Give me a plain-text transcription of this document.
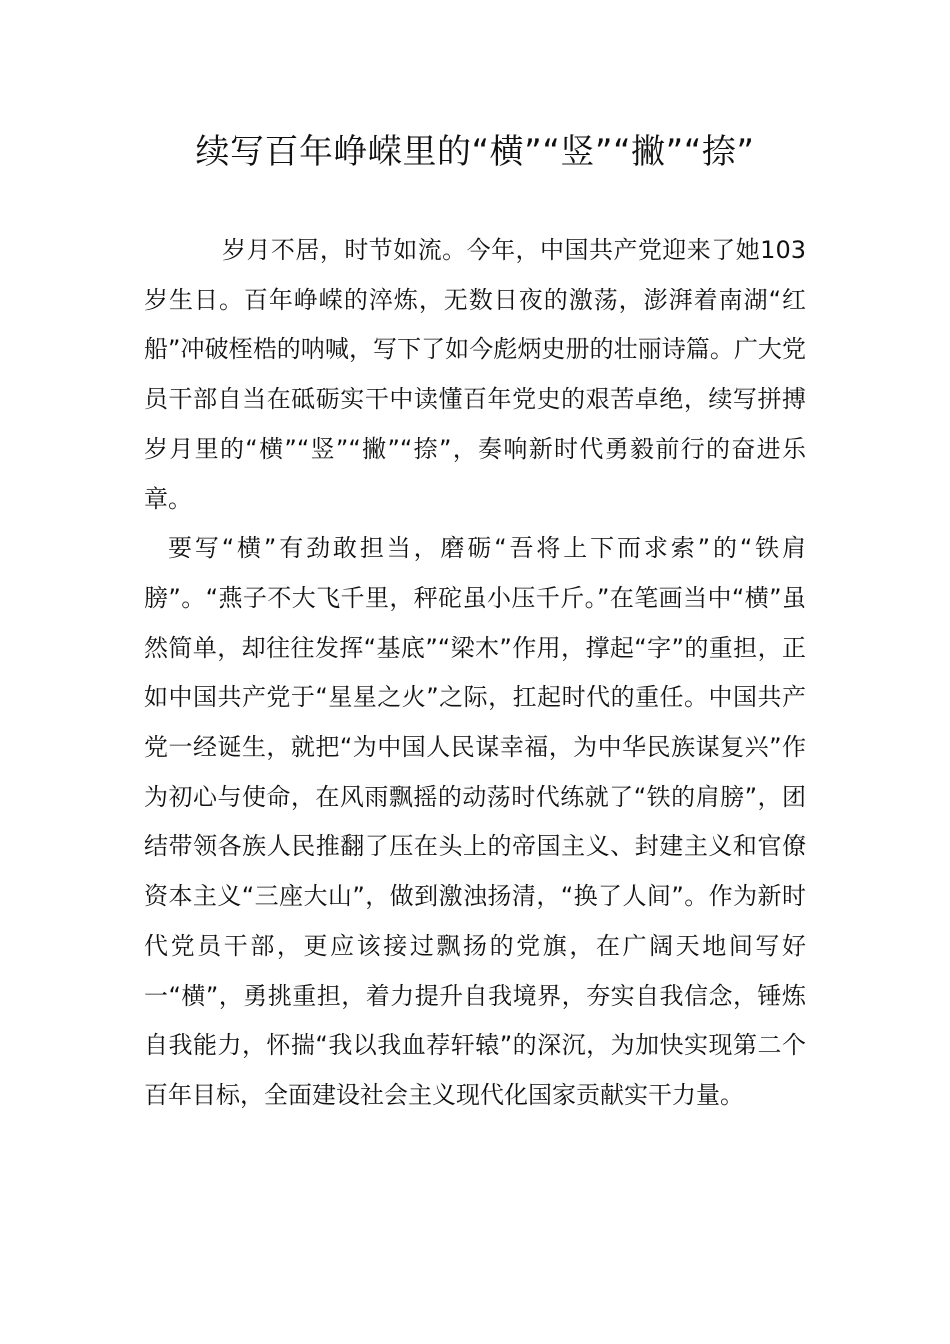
续写百年峥嵘里的“横”“竖”“撇”“捺”

岁月不居，时节如流。今年，中国共产党迎来了她103岁生日。百年峥嵘的淬炼，无数日夜的激荡，澎湃着南湖“红船”冲破桎梏的呐喊，写下了如今彪炳史册的壮丽诗篇。广大党员干部自当在砥砺实干中读懂百年党史的艰苦卓绝，续写拼搏岁月里的“横”“竖”“撇”“捺”，奏响新时代勇毅前行的奋进乐章。

要写“横”有劲敢担当，磨砺“吾将上下而求索”的“铁肩膀”。“燕子不大飞千里，秤砣虽小压千斤。”在笔画当中“横”虽然简单，却往往发挥“基底”“梁木”作用，撑起“字”的重担，正如中国共产党于“星星之火”之际，扛起时代的重任。中国共产党一经诞生，就把“为中国人民谋幸福，为中华民族谋复兴”作为初心与使命，在风雨飘摇的动荡时代练就了“铁的肩膀”，团结带领各族人民推翻了压在头上的帝国主义、封建主义和官僚资本主义“三座大山”，做到激浊扬清，“换了人间”。作为新时代党员干部，更应该接过飘扬的党旗，在广阔天地间写好一“横”，勇挑重担，着力提升自我境界，夯实自我信念，锤炼自我能力，怀揣“我以我血荐轩辕”的深沉，为加快实现第二个百年目标，全面建设社会主义现代化国家贡献实干力量。
